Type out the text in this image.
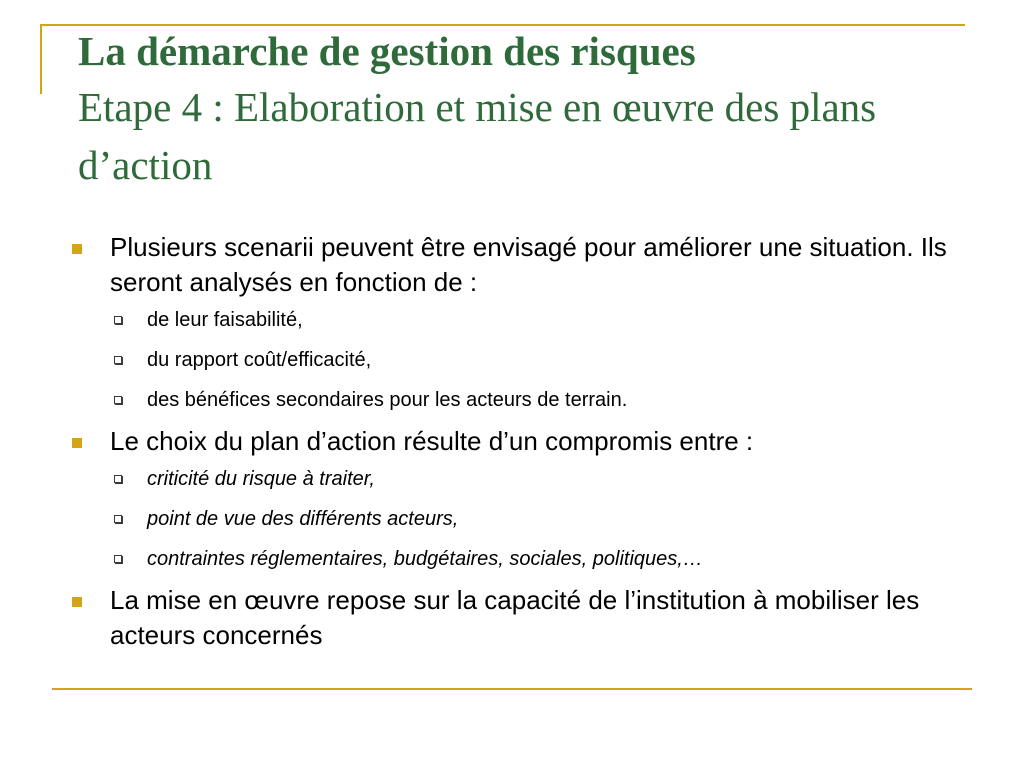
La démarche de gestion des risques
Etape 4 : Elaboration et mise en œuvre des plans d’action
Plusieurs scenarii peuvent être envisagé pour améliorer une situation. Ils seront analysés en fonction de :
de leur faisabilité,
du rapport coût/efficacité,
des bénéfices secondaires pour les acteurs de terrain.
Le choix du plan d’action résulte d’un compromis entre :
criticité du risque à traiter,
point de vue des différents acteurs,
contraintes réglementaires, budgétaires, sociales, politiques,…
La mise en œuvre repose sur la capacité de l’institution à mobiliser les acteurs concernés
